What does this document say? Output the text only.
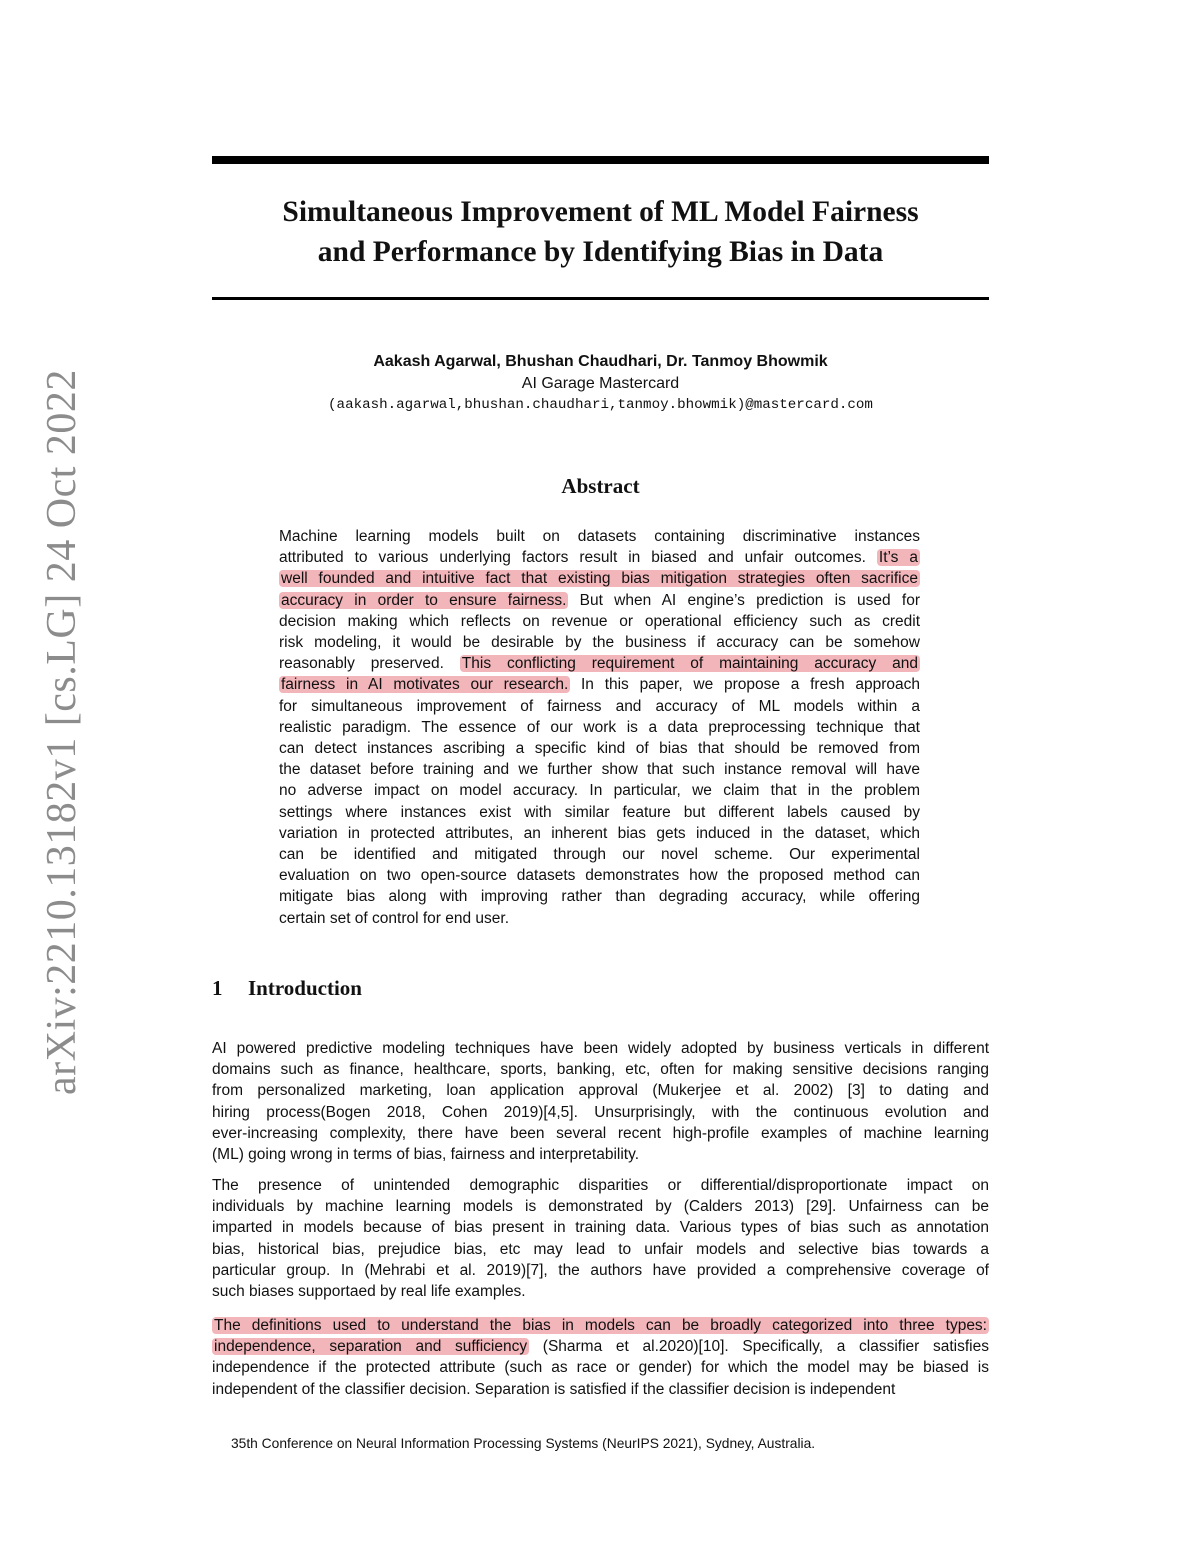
arXiv:2210.13182v1 [cs.LG] 24 Oct 2022
Simultaneous Improvement of ML Model Fairness
and Performance by Identifying Bias in Data
Aakash Agarwal, Bhushan Chaudhari, Dr. Tanmoy Bhowmik
AI Garage Mastercard
(aakash.agarwal,bhushan.chaudhari,tanmoy.bhowmik)@mastercard.com
Abstract
Machine learning models built on datasets containing discriminative instances
attributed to various underlying factors result in biased and unfair outcomes. It’s a
well founded and intuitive fact that existing bias mitigation strategies often sacrifice
accuracy in order to ensure fairness. But when AI engine’s prediction is used for
decision making which reflects on revenue or operational efficiency such as credit
risk modeling, it would be desirable by the business if accuracy can be somehow
reasonably preserved. This conflicting requirement of maintaining accuracy and
fairness in AI motivates our research. In this paper, we propose a fresh approach
for simultaneous improvement of fairness and accuracy of ML models within a
realistic paradigm. The essence of our work is a data preprocessing technique that
can detect instances ascribing a specific kind of bias that should be removed from
the dataset before training and we further show that such instance removal will have
no adverse impact on model accuracy. In particular, we claim that in the problem
settings where instances exist with similar feature but different labels caused by
variation in protected attributes, an inherent bias gets induced in the dataset, which
can be identified and mitigated through our novel scheme. Our experimental
evaluation on two open-source datasets demonstrates how the proposed method can
mitigate bias along with improving rather than degrading accuracy, while offering
certain set of control for end user.
1 Introduction
AI powered predictive modeling techniques have been widely adopted by business verticals in different
domains such as finance, healthcare, sports, banking, etc, often for making sensitive decisions ranging
from personalized marketing, loan application approval (Mukerjee et al. 2002) [3] to dating and
hiring process(Bogen 2018, Cohen 2019)[4,5]. Unsurprisingly, with the continuous evolution and
ever-increasing complexity, there have been several recent high-profile examples of machine learning
(ML) going wrong in terms of bias, fairness and interpretability.
The presence of unintended demographic disparities or differential/disproportionate impact on
individuals by machine learning models is demonstrated by (Calders 2013) [29]. Unfairness can be
imparted in models because of bias present in training data. Various types of bias such as annotation
bias, historical bias, prejudice bias, etc may lead to unfair models and selective bias towards a
particular group. In (Mehrabi et al. 2019)[7], the authors have provided a comprehensive coverage of
such biases supportaed by real life examples.
The definitions used to understand the bias in models can be broadly categorized into three types:
independence, separation and sufficiency (Sharma et al.2020)[10]. Specifically, a classifier satisfies
independence if the protected attribute (such as race or gender) for which the model may be biased is
independent of the classifier decision. Separation is satisfied if the classifier decision is independent
35th Conference on Neural Information Processing Systems (NeurIPS 2021), Sydney, Australia.
